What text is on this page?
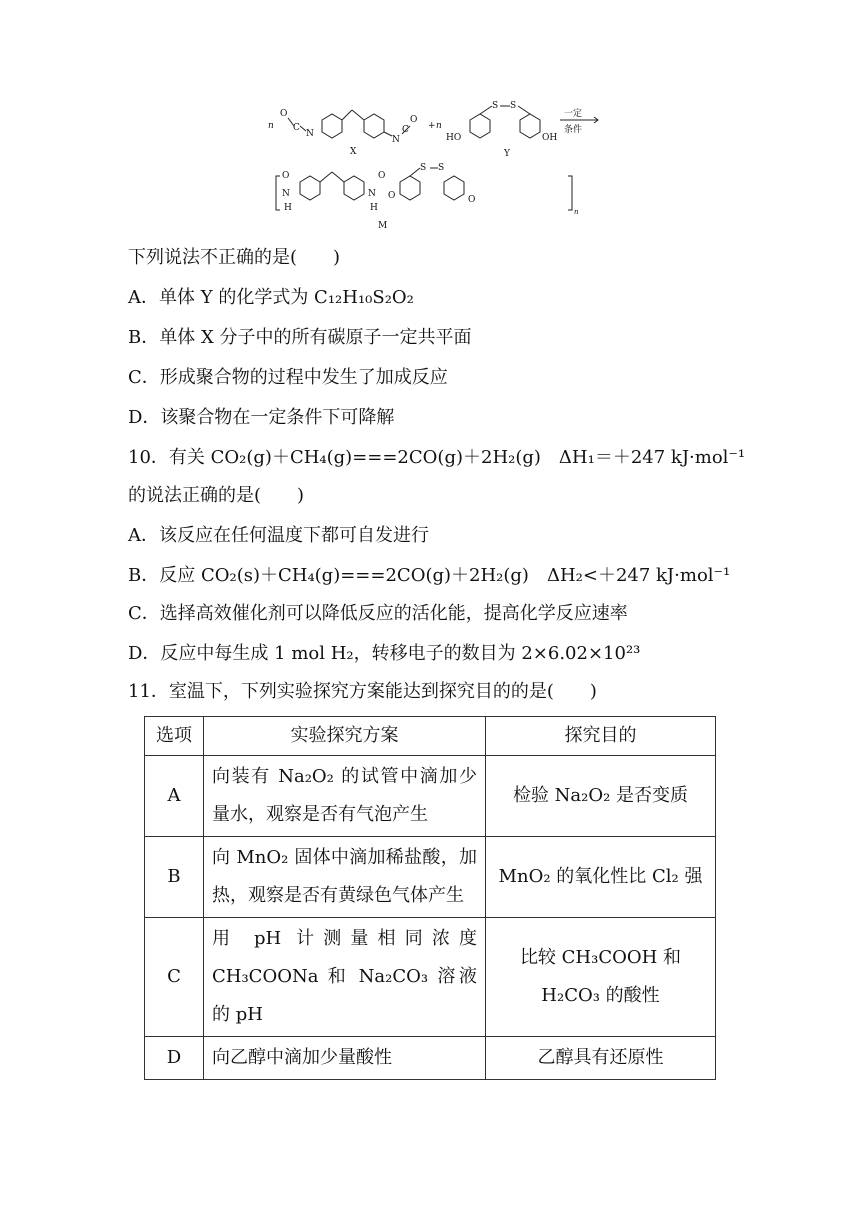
n
O
C
N
N
C
O
+ n
HO
S S
OH
一定
条件
X	Y
O
N
H
N
H
O
O
S S
O
n
M
下列说法不正确的是(　　)
A．单体 Y 的化学式为 C₁₂H₁₀S₂O₂
B．单体 X 分子中的所有碳原子一定共平面
C．形成聚合物的过程中发生了加成反应
D．该聚合物在一定条件下可降解
10．有关 CO₂(g)＋CH₄(g)===2CO(g)＋2H₂(g)　ΔH₁＝＋247 kJ·mol⁻¹
的说法正确的是(　　)
A．该反应在任何温度下都可自发进行
B．反应 CO₂(s)＋CH₄(g)===2CO(g)＋2H₂(g)　ΔH₂<＋247 kJ·mol⁻¹
C．选择高效催化剂可以降低反应的活化能，提高化学反应速率
D．反应中每生成 1 mol H₂，转移电子的数目为 2×6.02×10²³
11．室温下，下列实验探究方案能达到探究目的的是(　　)
选项	实验探究方案	探究目的
A	向装有 Na₂O₂ 的试管中滴加少量水，观察是否有气泡产生	检验 Na₂O₂ 是否变质
B	向 MnO₂ 固体中滴加稀盐酸，加热，观察是否有黄绿色气体产生	MnO₂ 的氧化性比 Cl₂ 强
C	用 pH 计测量相同浓度 CH₃COONa 和 Na₂CO₃ 溶液的 pH	比较 CH₃COOH 和 H₂CO₃ 的酸性
D	向乙醇中滴加少量酸性	乙醇具有还原性
